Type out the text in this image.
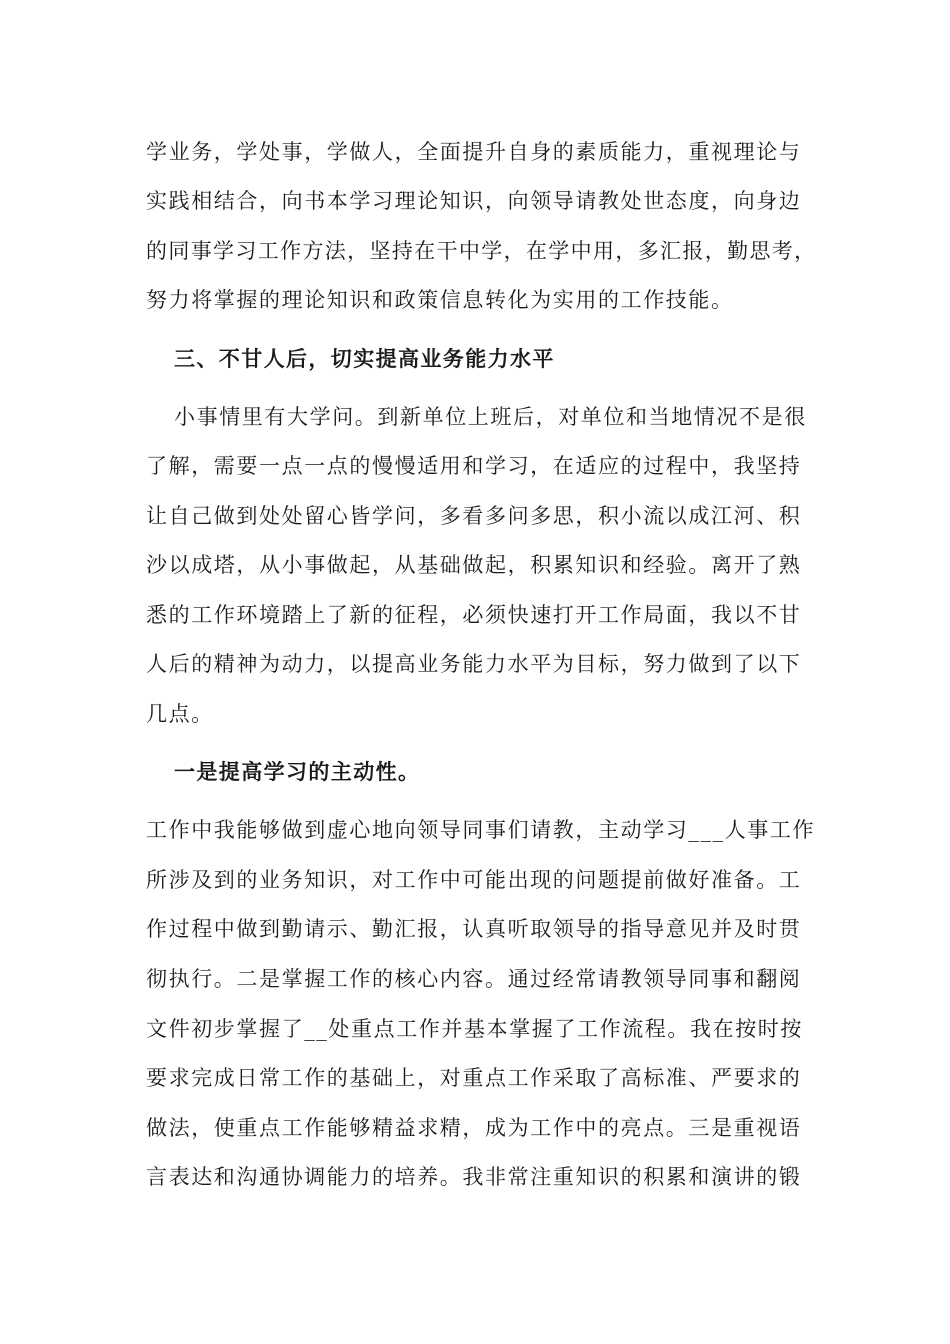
学业务，学处事，学做人，全面提升自身的素质能力，重视理论与
实践相结合，向书本学习理论知识，向领导请教处世态度，向身边
的同事学习工作方法，坚持在干中学，在学中用，多汇报，勤思考，
努力将掌握的理论知识和政策信息转化为实用的工作技能。
三、不甘人后，切实提高业务能力水平
小事情里有大学问。到新单位上班后，对单位和当地情况不是很
了解，需要一点一点的慢慢适用和学习，在适应的过程中，我坚持
让自己做到处处留心皆学问，多看多问多思，积小流以成江河、积
沙以成塔，从小事做起，从基础做起，积累知识和经验。离开了熟
悉的工作环境踏上了新的征程，必须快速打开工作局面，我以不甘
人后的精神为动力，以提高业务能力水平为目标，努力做到了以下
几点。
一是提高学习的主动性。
工作中我能够做到虚心地向领导同事们请教，主动学习___人事工作
所涉及到的业务知识，对工作中可能出现的问题提前做好准备。工
作过程中做到勤请示、勤汇报，认真听取领导的指导意见并及时贯
彻执行。二是掌握工作的核心内容。通过经常请教领导同事和翻阅
文件初步掌握了__处重点工作并基本掌握了工作流程。我在按时按
要求完成日常工作的基础上，对重点工作采取了高标准、严要求的
做法，使重点工作能够精益求精，成为工作中的亮点。三是重视语
言表达和沟通协调能力的培养。我非常注重知识的积累和演讲的锻
